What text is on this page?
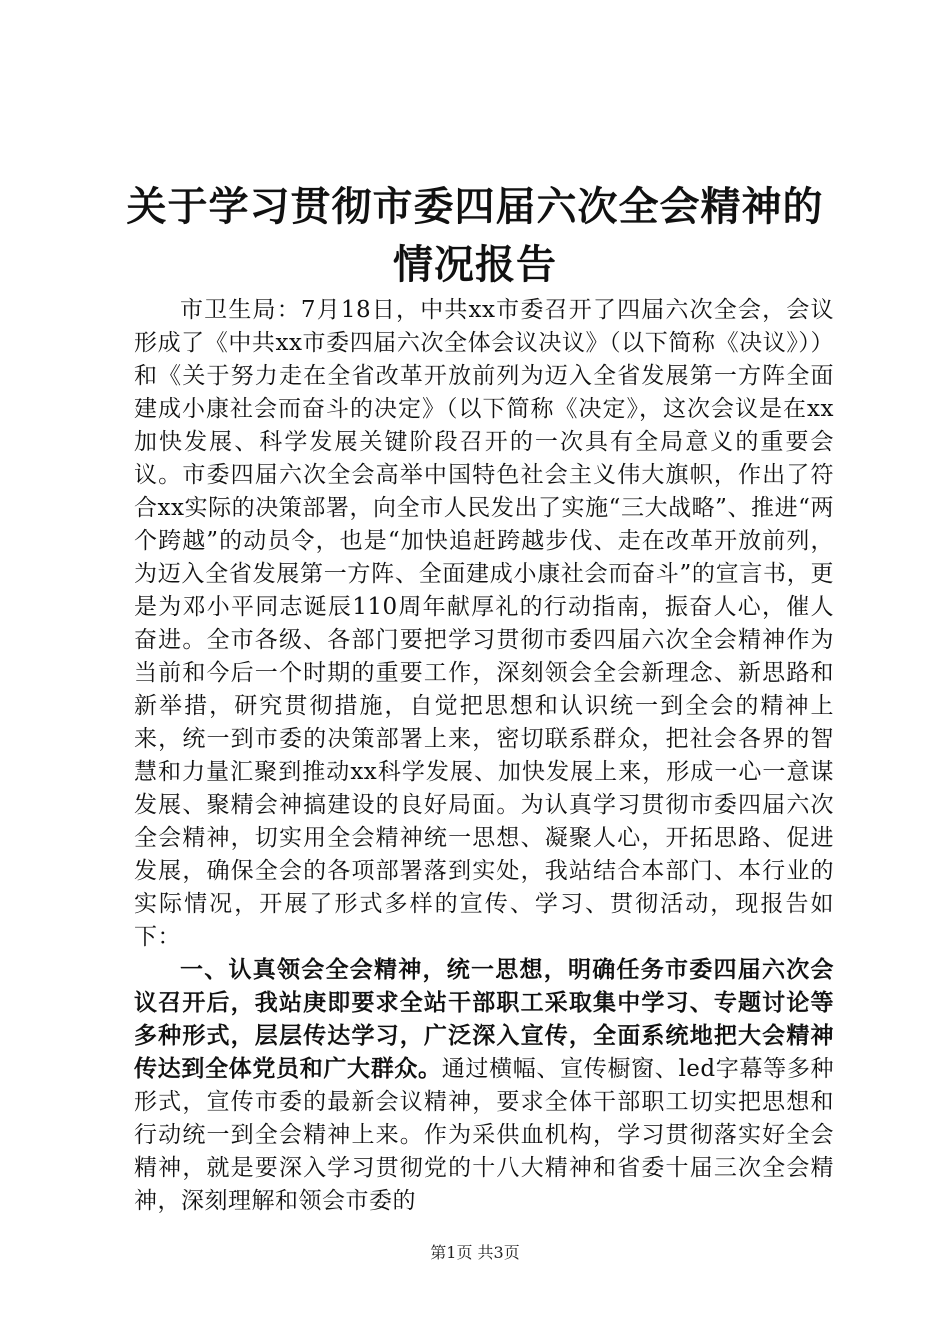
关于学习贯彻市委四届六次全会精神的情况报告

市卫生局：7月18日，中共xx市委召开了四届六次全会，会议形成了《中共xx市委四届六次全体会议决议》（以下简称《决议》））和《关于努力走在全省改革开放前列为迈入全省发展第一方阵全面建成小康社会而奋斗的决定》（以下简称《决定》，这次会议是在xx加快发展、科学发展关键阶段召开的一次具有全局意义的重要会议。市委四届六次全会高举中国特色社会主义伟大旗帜，作出了符合xx实际的决策部署，向全市人民发出了实施“三大战略”、推进“两个跨越”的动员令，也是“加快追赶跨越步伐、走在改革开放前列，为迈入全省发展第一方阵、全面建成小康社会而奋斗”的宣言书，更是为邓小平同志诞辰110周年献厚礼的行动指南，振奋人心，催人奋进。全市各级、各部门要把学习贯彻市委四届六次全会精神作为当前和今后一个时期的重要工作，深刻领会全会新理念、新思路和新举措，研究贯彻措施，自觉把思想和认识统一到全会的精神上来，统一到市委的决策部署上来，密切联系群众，把社会各界的智慧和力量汇聚到推动xx科学发展、加快发展上来，形成一心一意谋发展、聚精会神搞建设的良好局面。为认真学习贯彻市委四届六次全会精神，切实用全会精神统一思想、凝聚人心，开拓思路、促进发展，确保全会的各项部署落到实处，我站结合本部门、本行业的实际情况，开展了形式多样的宣传、学习、贯彻活动，现报告如下：

一、认真领会全会精神，统一思想，明确任务市委四届六次会议召开后，我站庚即要求全站干部职工采取集中学习、专题讨论等多种形式，层层传达学习，广泛深入宣传，全面系统地把大会精神传达到全体党员和广大群众。通过横幅、宣传橱窗、led字幕等多种形式，宣传市委的最新会议精神，要求全体干部职工切实把思想和行动统一到全会精神上来。作为采供血机构，学习贯彻落实好全会精神，就是要深入学习贯彻党的十八大精神和省委十届三次全会精神，深刻理解和领会市委的

第1页 共3页
